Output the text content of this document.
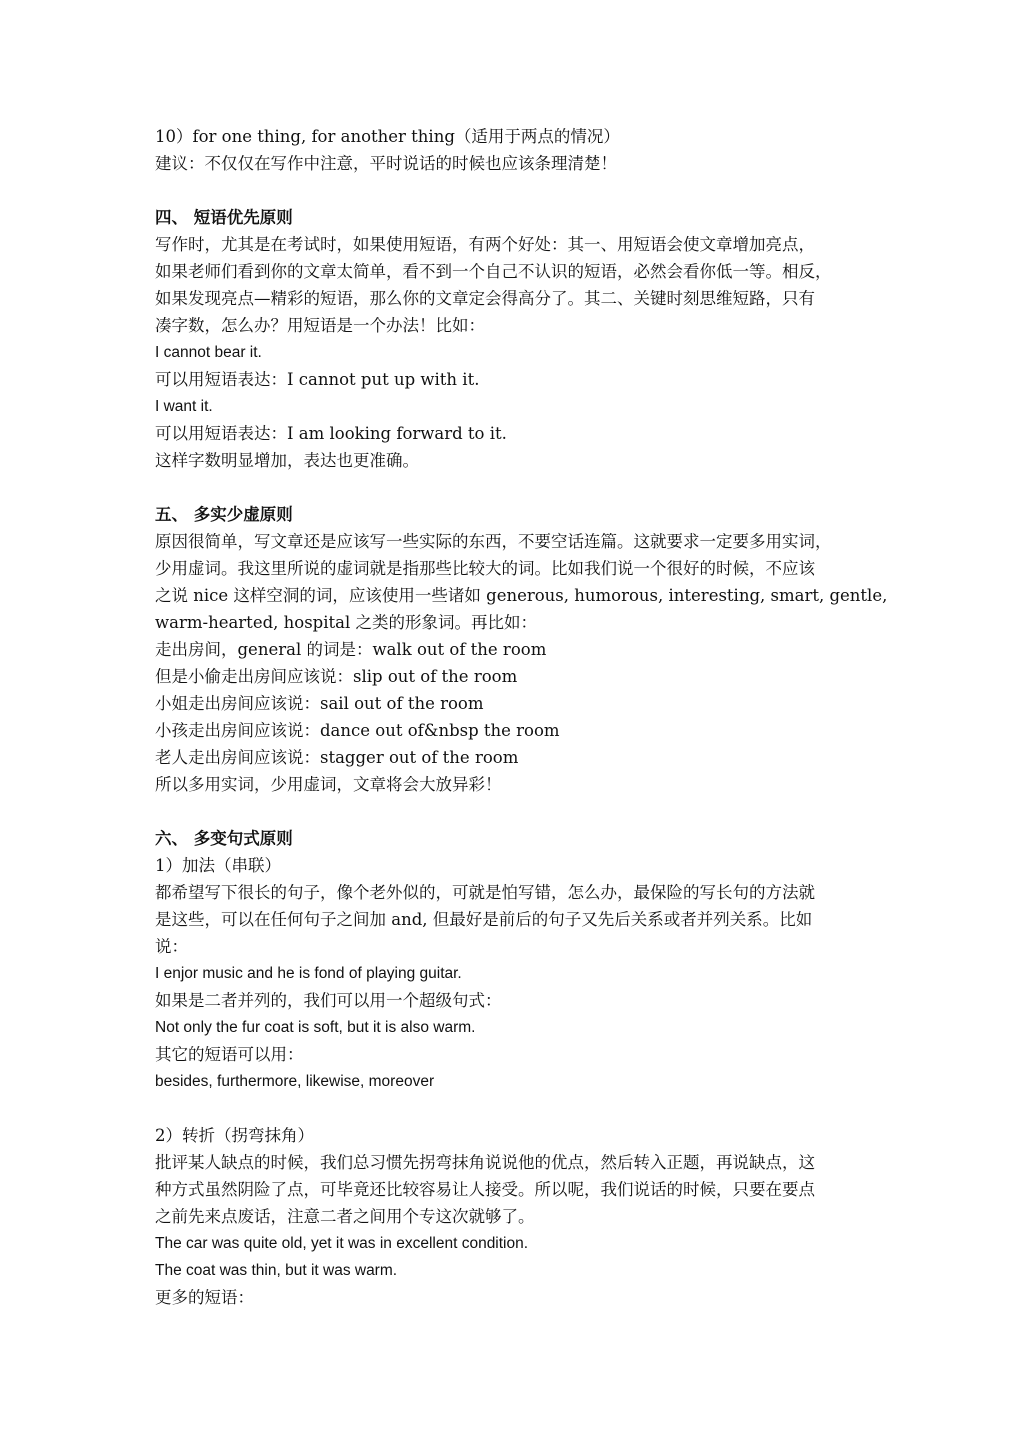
10）for one thing, for another thing（适用于两点的情况）
建议：不仅仅在写作中注意，平时说话的时候也应该条理清楚！
四、 短语优先原则
写作时，尤其是在考试时，如果使用短语，有两个好处：其一、用短语会使文章增加亮点，
如果老师们看到你的文章太简单，看不到一个自己不认识的短语，必然会看你低一等。相反，
如果发现亮点—精彩的短语，那么你的文章定会得高分了。其二、关键时刻思维短路，只有
凑字数，怎么办？用短语是一个办法！比如：
I cannot bear it.
可以用短语表达：I cannot put up with it.
I want it.
可以用短语表达：I am looking forward to it.
这样字数明显增加，表达也更准确。
五、 多实少虚原则
原因很简单，写文章还是应该写一些实际的东西，不要空话连篇。这就要求一定要多用实词，
少用虚词。我这里所说的虚词就是指那些比较大的词。比如我们说一个很好的时候，不应该
之说 nice 这样空洞的词，应该使用一些诸如 generous, humorous, interesting, smart, gentle,
warm-hearted, hospital 之类的形象词。再比如：
走出房间，general 的词是：walk out of the room
但是小偷走出房间应该说：slip out of the room
小姐走出房间应该说：sail out of the room
小孩走出房间应该说：dance out of&nbsp the room
老人走出房间应该说：stagger out of the room
所以多用实词，少用虚词，文章将会大放异彩！
六、 多变句式原则
1）加法（串联）
都希望写下很长的句子，像个老外似的，可就是怕写错，怎么办，最保险的写长句的方法就
是这些，可以在任何句子之间加 and, 但最好是前后的句子又先后关系或者并列关系。比如
说：
I enjor music and he is fond of playing guitar.
如果是二者并列的，我们可以用一个超级句式：
Not only the fur coat is soft, but it is also warm.
其它的短语可以用：
besides, furthermore, likewise, moreover
2）转折（拐弯抹角）
批评某人缺点的时候，我们总习惯先拐弯抹角说说他的优点，然后转入正题，再说缺点，这
种方式虽然阴险了点，可毕竟还比较容易让人接受。所以呢，我们说话的时候，只要在要点
之前先来点废话，注意二者之间用个专这次就够了。
The car was quite old, yet it was in excellent condition.
The coat was thin, but it was warm.
更多的短语：
